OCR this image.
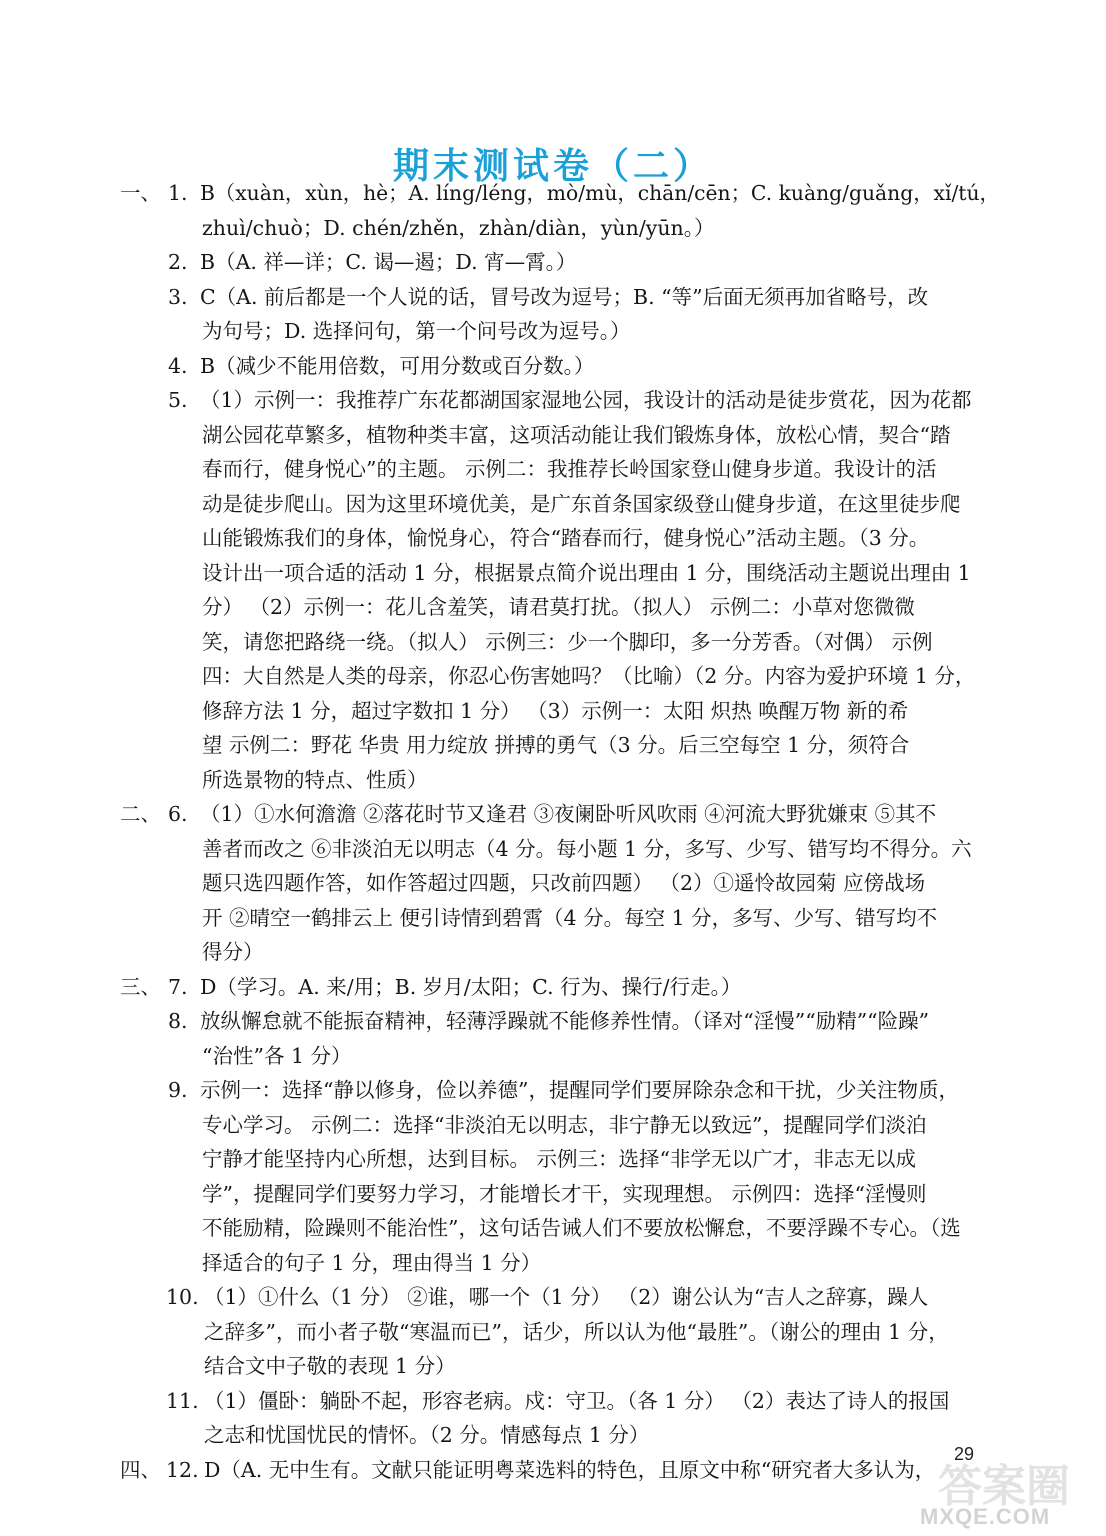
期末测试卷（二）
一、 1. B（xuàn，xùn，hè；A. líng/léng，mò/mù，chān/cēn；C. kuàng/guǎng，xǐ/tú，
zhuì/chuò；D. chén/zhěn，zhàn/diàn，yùn/yūn。）
2. B（A. 祥—详；C. 谒—遏；D. 宵—霄。）
3. C（A. 前后都是一个人说的话，冒号改为逗号；B. “等”后面无须再加省略号，改
为句号；D. 选择问句，第一个问号改为逗号。）
4. B（减少不能用倍数，可用分数或百分数。）
5. （1）示例一：我推荐广东花都湖国家湿地公园，我设计的活动是徒步赏花，因为花都
湖公园花草繁多，植物种类丰富，这项活动能让我们锻炼身体，放松心情，契合“踏
春而行，健身悦心”的主题。 示例二：我推荐长岭国家登山健身步道。我设计的活
动是徒步爬山。因为这里环境优美，是广东首条国家级登山健身步道，在这里徒步爬
山能锻炼我们的身体，愉悦身心，符合“踏春而行，健身悦心”活动主题。（3 分。
设计出一项合适的活动 1 分，根据景点简介说出理由 1 分，围绕活动主题说出理由 1
分） （2）示例一：花儿含羞笑，请君莫打扰。（拟人） 示例二：小草对您微微
笑，请您把路绕一绕。（拟人） 示例三：少一个脚印，多一分芳香。（对偶） 示例
四：大自然是人类的母亲，你忍心伤害她吗？（比喻）（2 分。内容为爱护环境 1 分，
修辞方法 1 分，超过字数扣 1 分） （3）示例一：太阳 炽热 唤醒万物 新的希
望 示例二：野花 华贵 用力绽放 拼搏的勇气（3 分。后三空每空 1 分，须符合
所选景物的特点、性质）
二、 6. （1）①水何澹澹 ②落花时节又逢君 ③夜阑卧听风吹雨 ④河流大野犹嫌束 ⑤其不
善者而改之 ⑥非淡泊无以明志（4 分。每小题 1 分，多写、少写、错写均不得分。六
题只选四题作答，如作答超过四题，只改前四题） （2）①遥怜故园菊 应傍战场
开 ②晴空一鹤排云上 便引诗情到碧霄（4 分。每空 1 分，多写、少写、错写均不
得分）
三、 7. D（学习。A. 来/用；B. 岁月/太阳；C. 行为、操行/行走。）
8. 放纵懈怠就不能振奋精神，轻薄浮躁就不能修养性情。（译对“淫慢”“励精”“险躁”
“治性”各 1 分）
9. 示例一：选择“静以修身，俭以养德”，提醒同学们要屏除杂念和干扰，少关注物质，
专心学习。 示例二：选择“非淡泊无以明志，非宁静无以致远”，提醒同学们淡泊
宁静才能坚持内心所想，达到目标。 示例三：选择“非学无以广才，非志无以成
学”，提醒同学们要努力学习，才能增长才干，实现理想。 示例四：选择“淫慢则
不能励精，险躁则不能治性”，这句话告诫人们不要放松懈怠，不要浮躁不专心。（选
择适合的句子 1 分，理由得当 1 分）
10. （1）①什么（1 分） ②谁，哪一个（1 分） （2）谢公认为“吉人之辞寡，躁人
之辞多”，而小者子敬“寒温而已”，话少，所以认为他“最胜”。（谢公的理由 1 分，
结合文中子敬的表现 1 分）
11. （1）僵卧：躺卧不起，形容老病。戍：守卫。（各 1 分） （2）表达了诗人的报国
之志和忧国忧民的情怀。（2 分。情感每点 1 分）
四、 12. D（A. 无中生有。文献只能证明粤菜选料的特色，且原文中称“研究者大多认为，
29
答案圈
MXQE.COM
